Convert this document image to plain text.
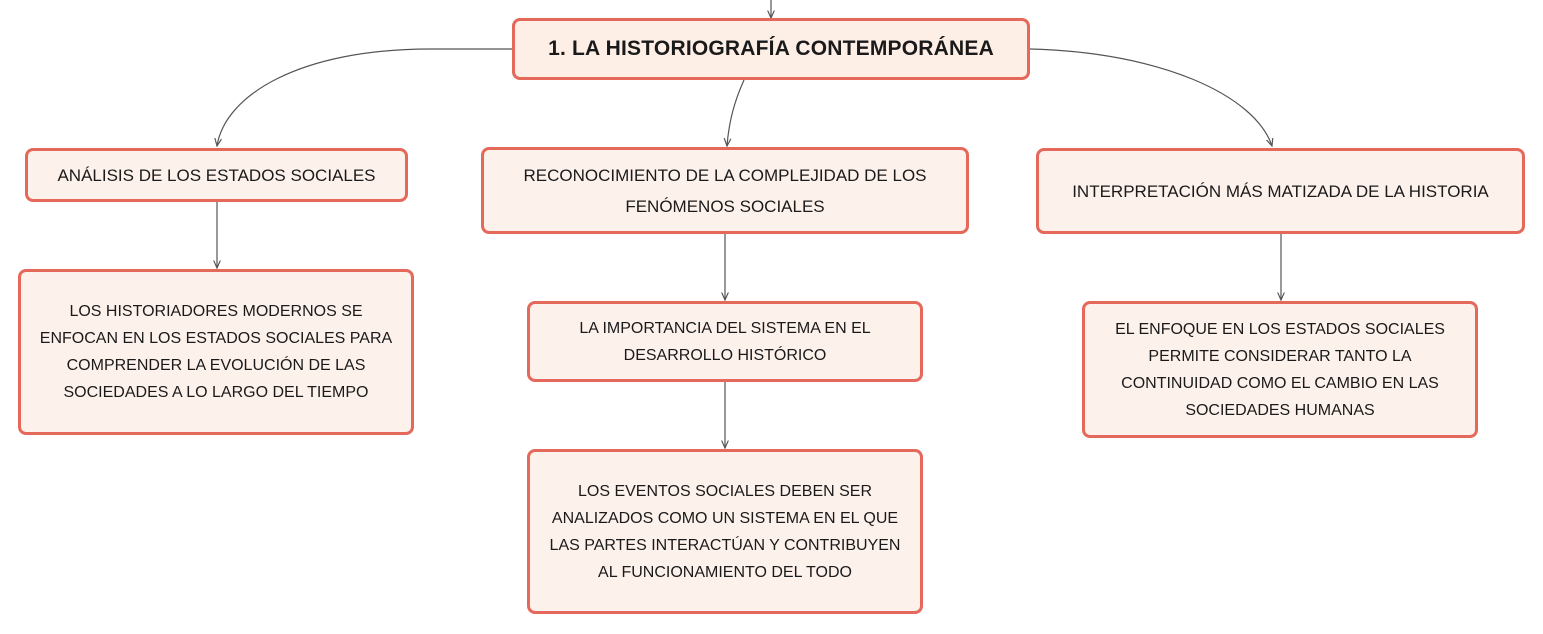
1. LA HISTORIOGRAFÍA CONTEMPORÁNEA
ANÁLISIS DE LOS ESTADOS SOCIALES	RECONOCIMIENTO DE LA COMPLEJIDAD DE LOS FENÓMENOS SOCIALES
INTERPRETACIÓN MÁS MATIZADA DE LA HISTORIA
LOS HISTORIADORES MODERNOS SE ENFOCAN EN LOS ESTADOS SOCIALES PARA COMPRENDER LA EVOLUCIÓN DE LAS SOCIEDADES A LO LARGO DEL TIEMPO
LA IMPORTANCIA DEL SISTEMA EN EL DESARROLLO HISTÓRICO
LOS EVENTOS SOCIALES DEBEN SER ANALIZADOS COMO UN SISTEMA EN EL QUE LAS PARTES INTERACTÚAN Y CONTRIBUYEN AL FUNCIONAMIENTO DEL TODO
EL ENFOQUE EN LOS ESTADOS SOCIALES PERMITE CONSIDERAR TANTO LA CONTINUIDAD COMO EL CAMBIO EN LAS SOCIEDADES HUMANAS
